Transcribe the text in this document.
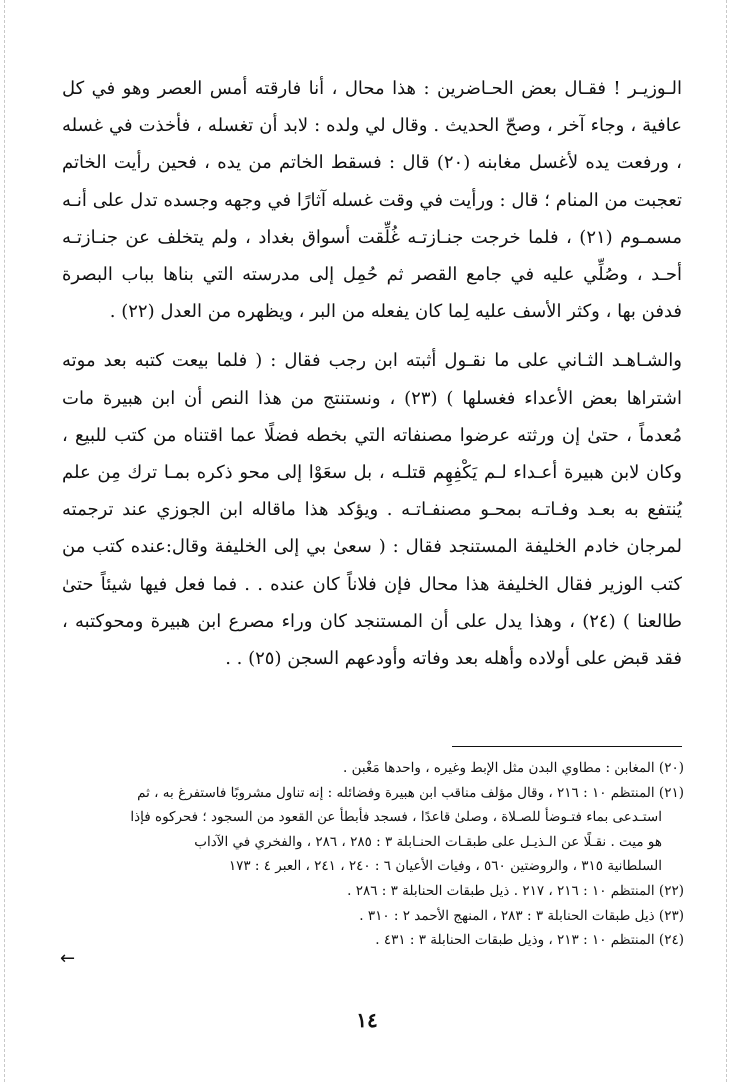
الـوزيـر ! فقـال بعض الحـاضرين : هذا محال ، أنا فارقته أمس العصر وهو في كل عافية ، وجاء آخر ، وصحّ الحديث . وقال لي ولده : لابد أن تغسله ، فأخذت في غسله ، ورفعت يده لأغسل مغابنه (٢٠) قال : فسقط الخاتم من يده ، فحين رأيت الخاتم تعجبت من المنام ؛ قال : ورأيت في وقت غسله آثارًا في وجهه وجسده تدل على أنـه مسمـوم (٢١) ، فلما خرجت جنـازتـه غُلِّقت أسواق بغداد ، ولم يتخلف عن جنـازتـه أحـد ، وصُلِّي عليه في جامع القصر ثم حُمِل إلى مدرسته التي بناها بباب البصرة فدفن بها ، وكثر الأسف عليه لِما كان يفعله من البر ، ويظهره من العدل (٢٢) .

والشـاهـد الثـاني على ما نقـول أثبته ابن رجب فقال : ( فلما بيعت كتبه بعد موته اشتراها بعض الأعداء فغسلها ) (٢٣) ، ونستنتج من هذا النص أن ابن هبيرة مات مُعدماً ، حتىٰ إن ورثته عرضوا مصنفاته التي بخطه فضلًا عما اقتناه من كتب للبيع ، وكان لابن هبيرة أعـداء لـم يَكْفِهِم قتلـه ، بل سعَوْا إلى محو ذكره بمـا ترك مِن علم يُنتفع به بعـد وفـاتـه بمحـو مصنفـاتـه . ويؤكد هذا ماقاله ابن الجوزي عند ترجمته لمرجان خادم الخليفة المستنجد فقال : ( سعىٰ بي إلى الخليفة وقال:عنده كتب من كتب الوزير فقال الخليفة هذا محال فإن فلاناً كان عنده . . فما فعل فيها شيئاً حتىٰ طالعنا ) (٢٤) ، وهذا يدل على أن المستنجد كان وراء مصرع ابن هبيرة ومحوكتبه ، فقد قبض على أولاده وأهله بعد وفاته وأودعهم السجن (٢٥) . .

(٢٠) المغابن : مطاوي البدن مثل الإبط وغيره ، واحدها مَغْبن .

(٢١) المنتظم ١٠ : ٢١٦ ، وقال مؤلف مناقب ابن هبيرة وفضائله : إنه تناول مشروبًا فاستفرغ به ، ثم

استـدعى بماء فتـوضأ للصـلاة ، وصلىٰ قاعدًا ، فسجد فأبطأ عن القعود من السجود ؛ فحركوه فإذا

هو ميت . نقـلًا عن الـذيـل على طبقـات الحنـابلة ٣ : ٢٨٥ ، ٢٨٦ ، والفخري في الآداب

السلطانية ٣١٥ ، والروضتين ٥٦٠ ، وفيات الأعيان ٦ : ٢٤٠ ، ٢٤١ ، العبر ٤ : ١٧٣

(٢٢) المنتظم ١٠ : ٢١٦ ، ٢١٧ . ذيل طبقات الحنابلة ٣ : ٢٨٦ .

(٢٣) ذيل طبقات الحنابلة ٣ : ٢٨٣ ، المنهج الأحمد ٢ : ٣١٠ .

(٢٤) المنتظم ١٠ : ٢١٣ ، وذيل طبقات الحنابلة ٣ : ٤٣١ .

←
١٤
